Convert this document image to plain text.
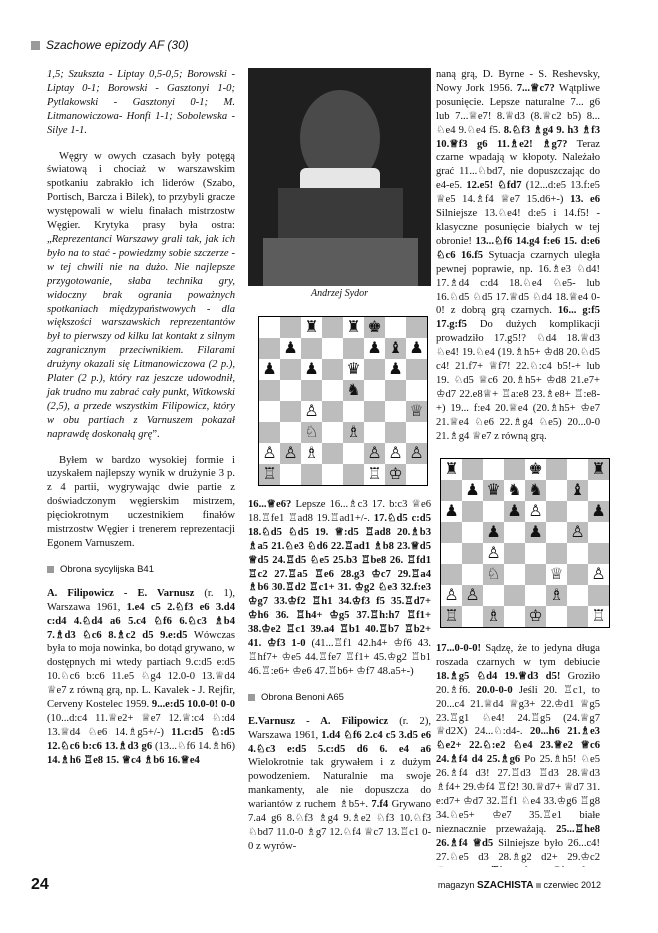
Szachowe epizody AF (30)

1,5; Szukszta - Liptay 0,5-0,5; Borowski - Liptay 0-1; Borowski - Gasztonyi 1-0; Pytlakowski - Gasztonyi 0-1; M. Litmanowiczowa- Honfi 1-1; Sobolewska - Silye 1-1.

Węgry w owych czasach były potęgą światową i chociaż w warszawskim spotkaniu zabrakło ich liderów (Szabo, Portisch, Barcza i Bilek), to przybyli gracze występowali w wielu finałach mistrzostw Węgier. Krytyka prasy była ostra: „Reprezentanci Warszawy grali tak, jak ich było na to stać - powiedzmy sobie szczerze - w tej chwili nie na dużo. Nie najlepsze przygotowanie, słaba technika gry, widoczny brak ograniа poważnych spotkaniach międzypaństwowych - dla większości warszawskich reprezentantów był to pierwszy od kilku lat kontakt z silnym zagranicznym przeciwnikiem. Filarami drużyny okazali się Litmanowiczowa (2 p.), Plater (2 p.), który raz jeszcze udowodnił, jak trudno mu zabrać cały punkt, Witkowski (2,5), a przede wszystkim Filipowicz, który w obu partiach z Varnuszem pokazał naprawdę doskonałą grę”.

Byłem w bardzo wysokiej formie i uzyskałem najlepszy wynik w drużynie 3 p. z 4 partii, wygrywając dwie partie z doświadczonym węgierskim mistrzem, pięciokrotnym uczestnikiem finałów mistrzostw Węgier i trenerem reprezentacji Egonem Varnuszem.

Obrona sycylijska B41

A. Filipowicz - E. Varnusz (r. 1), Warszawa 1961, 1.e4 c5 2.♘f3 e6 3.d4 c:d4 4.♘d4 a6 5.c4 ♘f6 6.♘c3 ♗b4 7.♗d3 ♘c6 8.♗c2 d5 9.e:d5 Wówczas była to moja nowinka, bo dotąd grywano, w dostępnych mi wtedy partiach 9.c:d5 e:d5 10.♘c6 b:c6 11.e5 ♘g4 12.0-0 13.♕d4 ♕e7 z równą grą, np. L. Kavalek - J. Rejfir, Cerveny Kostelec 1959. 9...e:d5 10.0-0! 0-0 (10...d:c4 11.♕e2+ ♕e7 12.♕:c4 ♘:d4 13.♕d4 ♘e6 14.♗g5+/-) 11.c:d5 ♘:d5 12.♘c6 b:c6 13.♗d3 g6 (13...♘f6 14.♗h6) 14.♗h6 ♖e8 15. ♕c4 ♗b6 16.♕e4

Andrzej Sydor
♜ ♜ ♚
♟	♟ ♝ ♟
♟ ♟ ♛ ♟
♞
♙	♕
♘ ♗
♙ ♙ ♗	♙ ♙ ♙
♖	♖ ♔

16...♕e6? Lepsze 16...♗c3 17. b:c3 ♕e6 18.♖fe1 ♖ad8 19.♖ad1+/-. 17.♘d5 c:d5 18.♘d5 ♘d5 19. ♕:d5 ♖ad8 20.♗b3 ♗a5 21.♘e3 ♘d6 22.♖ad1 ♗b8 23.♕d5 ♕d5 24.♖d5 ♘e5 25.b3 ♖be8 26. ♖fd1 ♖c2 27.♖a5 ♖e6 28.g3 ♔c7 29.♖a4 ♗b6 30.♖d2 ♖c1+ 31. ♔g2 ♘e3 32.f:e3 ♔g7 33.♔f2 ♖h1 34.♔f3 f5 35.♖d7+ ♔h6 36. ♖h4+ ♔g5 37.♖h:h7 ♖f1+ 38.♔e2 ♖c1 39.a4 ♖b1 40.♖b7 ♖b2+ 41. ♔f3 1-0 (41...♖f1 42.h4+ ♔f6 43. ♖hf7+ ♔e5 44.♖fe7 ♖f1+ 45.♔g2 ♖b1 46.♖:e6+ ♔e6 47.♖b6+ ♔f7 48.a5+-)

Obrona Benoni A65

E.Varnusz - A. Filipowicz (r. 2), Warszawa 1961, 1.d4 ♘f6 2.c4 c5 3.d5 e6 4.♘c3 e:d5 5.c:d5 d6 6. e4 a6 Wielokrotnie tak grywałem i z dużym powodzeniem. Naturalnie ma swoje mankamenty, ale nie dopuszcza do wariantów z ruchem ♗b5+. 7.f4 Grywano 7.a4 g6 8.♘f3 ♗g4 9.♗e2 ♘f3 10.♘f3 ♘bd7 11.0-0 ♗g7 12.♘f4 ♕c7 13.♖c1 0-0 z wyrów-

naną grą, D. Byrne - S. Reshevsky, Nowy Jork 1956. 7...♕c7? Wątpliwe posunięcie. Lepsze naturalne 7... g6 lub 7...♕e7! 8.♕d3 (8.♕c2 b5) 8... ♘e4 9.♘e4 f5. 8.♘f3 ♗g4 9. h3 ♗f3 10.♕f3 g6 11.♗e2! ♗g7? Teraz czarne wpadają w kłopoty. Należało grać 11...♘bd7, nie dopuszczając do e4-e5. 12.e5! ♘fd7 (12...d:e5 13.f:e5 ♕e5 14.♗f4 ♕e7 15.d6+-) 13. e6 Silniejsze 13.♘e4! d:e5 i 14.f5! - klasyczne posunięcie białych w tej obronie! 13...♘f6 14.g4 f:e6 15. d:e6 ♘c6 16.f5 Sytuacja czarnych uległa pewnej poprawie, np. 16.♗e3 ♘d4! 17.♗d4 c:d4 18.♘e4 ♘e5- lub 16.♘d5 ♘d5 17.♕d5 ♘d4 18.♕e4 0-0! z dobrą grą czarnych. 16... g:f5 17.g:f5 Do dużych komplikacji prowadziło 17.g5!? ♘d4 18.♕d3 ♘e4! 19.♘e4 (19.♗h5+ ♔d8 20.♘d5 c4! 21.f7+ ♕f7! 22.♘:c4 b5!-+ lub 19. ♘d5 ♕c6 20.♗h5+ ♔d8 21.e7+ ♔d7 22.e8♕+ ♖a:e8 23.♗e8+ ♖:e8-+) 19... f:e4 20.♕e4 (20.♗h5+ ♔e7 21.♕e4 ♘e6 22.♗g4 ♘e5) 20...0-0 21.♗g4 ♕e7 z równą grą.

♜	♚	♜
♟ ♛ ♞ ♞ ♝
♟	♟ ♙	♟
♟ ♟ ♙
♙
♘	♕ ♙
♙ ♙	♗
♖ ♗ ♔	♖

17...0-0-0! Sądzę, że to jedyna długa roszada czarnych w tym debiucie 18.♗g5 ♘d4 19.♕d3 d5! Groziło 20.♗f6. 20.0-0-0 Jeśli 20. ♖c1, to 20...c4 21.♕d4 ♕g3+ 22.♔d1 ♕g5 23.♖g1 ♘e4! 24.♖g5 (24.♕g7 ♕d2X) 24...♘:d4-. 20...h6 21.♗e3 ♘e2+ 22.♘:e2 ♘e4 23.♕e2 ♕c6 24.♗f4 d4 25.♗g6 Po 25.♗h5! ♘e5 26.♗f4 d3! 27.♖d3 ♖d3 28.♕d3 ♗f4+ 29.♔f4 ♖f2! 30.♕d7+ ♕d7 31. e:d7+ ♔d7 32.♖f1 ♘e4 33.♔g6 ♖g8 34.♘e5+ ♔e7 35.♖e1 białe nieznacznie przeważają. 25...♖he8 26.♗f4 ♕d5 Silniejsze było 26...c4! 27.♘e5 d3 28.♗g2 d2+ 29.♔c2

24	magazyn SZACHISTA czerwiec 2012
